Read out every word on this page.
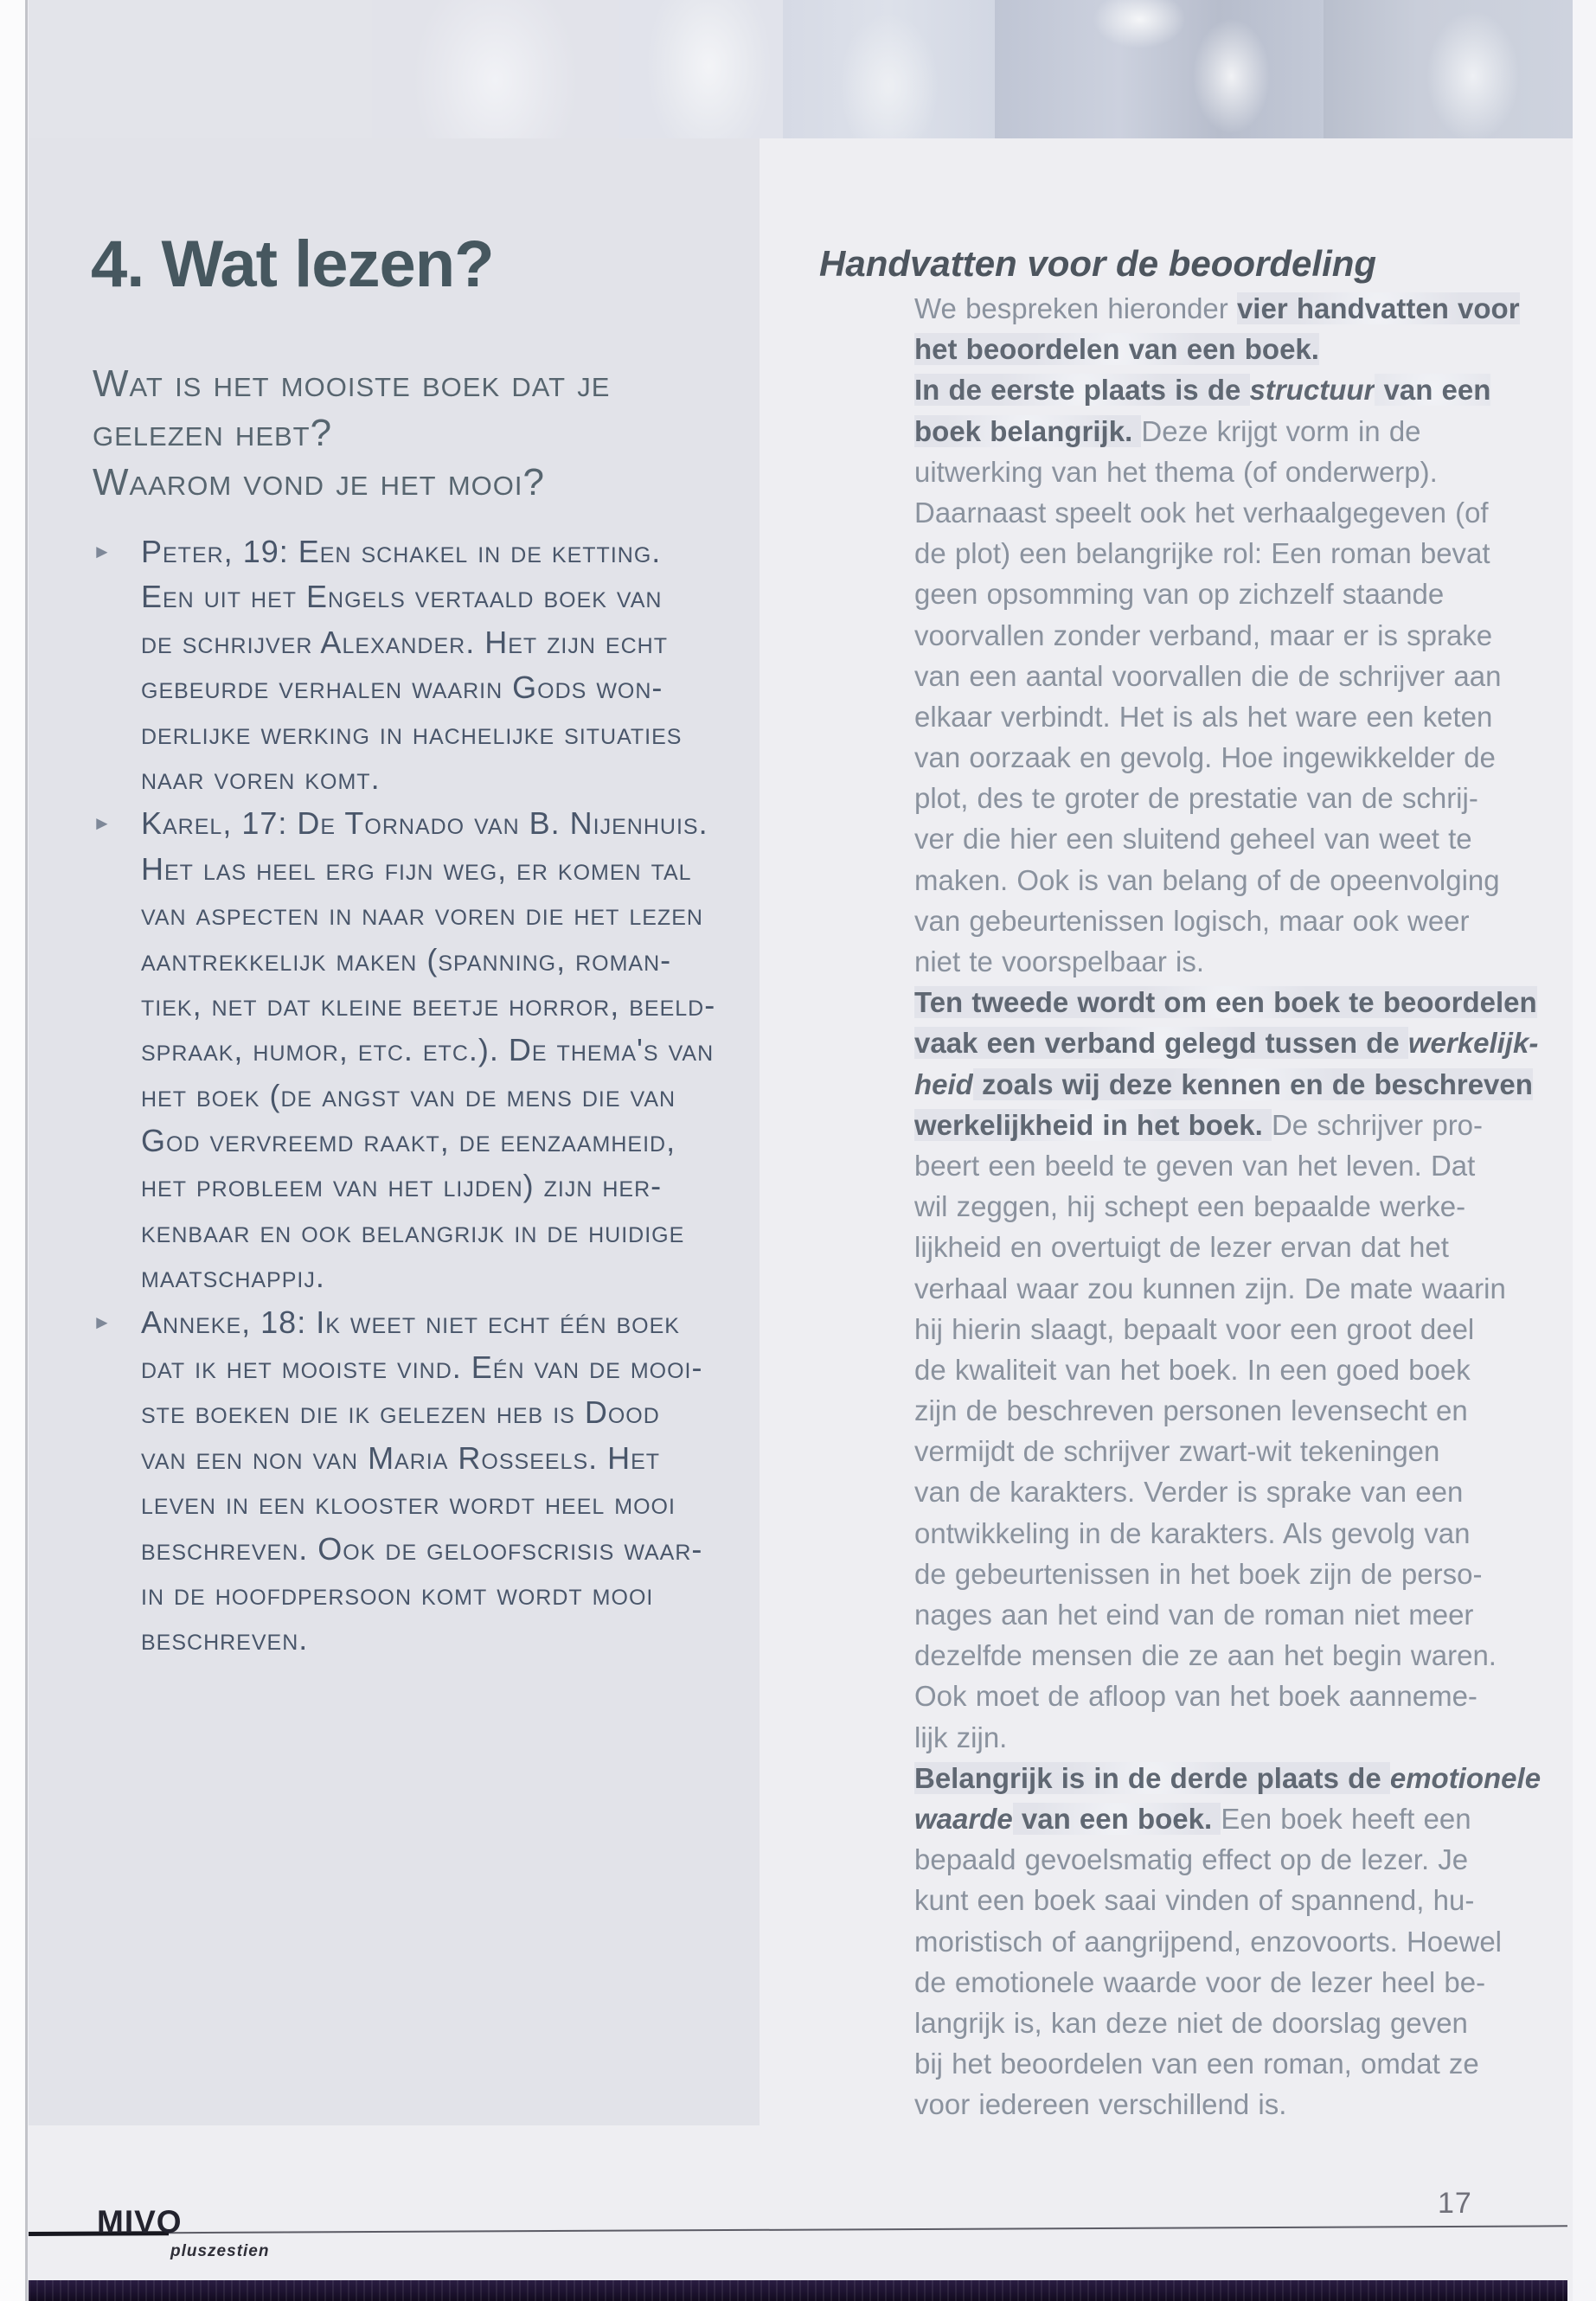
4. Wat lezen?
Wat is het mooiste boek dat je
gelezen hebt?
Waarom vond je het mooi?
► Peter, 19: Een schakel in de ketting.
Een uit het Engels vertaald boek van
de schrijver Alexander. Het zijn echt
gebeurde verhalen waarin Gods won-
derlijke werking in hachelijke situaties
naar voren komt.
► Karel, 17: De Tornado van B. Nijenhuis.
Het las heel erg fijn weg, er komen tal
van aspecten in naar voren die het lezen
aantrekkelijk maken (spanning, roman-
tiek, net dat kleine beetje horror, beeld-
spraak, humor, etc. etc.). De thema's van
het boek (de angst van de mens die van
God vervreemd raakt, de eenzaamheid,
het probleem van het lijden) zijn her-
kenbaar en ook belangrijk in de huidige
maatschappij.
► Anneke, 18: Ik weet niet echt één boek
dat ik het mooiste vind. Eén van de mooi-
ste boeken die ik gelezen heb is Dood
van een non van Maria Rosseels. Het
leven in een klooster wordt heel mooi
beschreven. Ook de geloofscrisis waar-
in de hoofdpersoon komt wordt mooi
beschreven.
Handvatten voor de beoordeling
We bespreken hieronder vier handvatten voor
het beoordelen van een boek.
In de eerste plaats is de structuur van een
boek belangrijk. Deze krijgt vorm in de
uitwerking van het thema (of onderwerp).
Daarnaast speelt ook het verhaalgegeven (of
de plot) een belangrijke rol: Een roman bevat
geen opsomming van op zichzelf staande
voorvallen zonder verband, maar er is sprake
van een aantal voorvallen die de schrijver aan
elkaar verbindt. Het is als het ware een keten
van oorzaak en gevolg. Hoe ingewikkelder de
plot, des te groter de prestatie van de schrij-
ver die hier een sluitend geheel van weet te
maken. Ook is van belang of de opeenvolging
van gebeurtenissen logisch, maar ook weer
niet te voorspelbaar is.
Ten tweede wordt om een boek te beoordelen
vaak een verband gelegd tussen de werkelijk-
heid zoals wij deze kennen en de beschreven
werkelijkheid in het boek. De schrijver pro-
beert een beeld te geven van het leven. Dat
wil zeggen, hij schept een bepaalde werke-
lijkheid en overtuigt de lezer ervan dat het
verhaal waar zou kunnen zijn. De mate waarin
hij hierin slaagt, bepaalt voor een groot deel
de kwaliteit van het boek. In een goed boek
zijn de beschreven personen levensecht en
vermijdt de schrijver zwart-wit tekeningen
van de karakters. Verder is sprake van een
ontwikkeling in de karakters. Als gevolg van
de gebeurtenissen in het boek zijn de perso-
nages aan het eind van de roman niet meer
dezelfde mensen die ze aan het begin waren.
Ook moet de afloop van het boek aanneme-
lijk zijn.
Belangrijk is in de derde plaats de emotionele
waarde van een boek. Een boek heeft een
bepaald gevoelsmatig effect op de lezer. Je
kunt een boek saai vinden of spannend, hu-
moristisch of aangrijpend, enzovoorts. Hoewel
de emotionele waarde voor de lezer heel be-
langrijk is, kan deze niet de doorslag geven
bij het beoordelen van een roman, omdat ze
voor iedereen verschillend is.
MIVO
pluszestien
17
